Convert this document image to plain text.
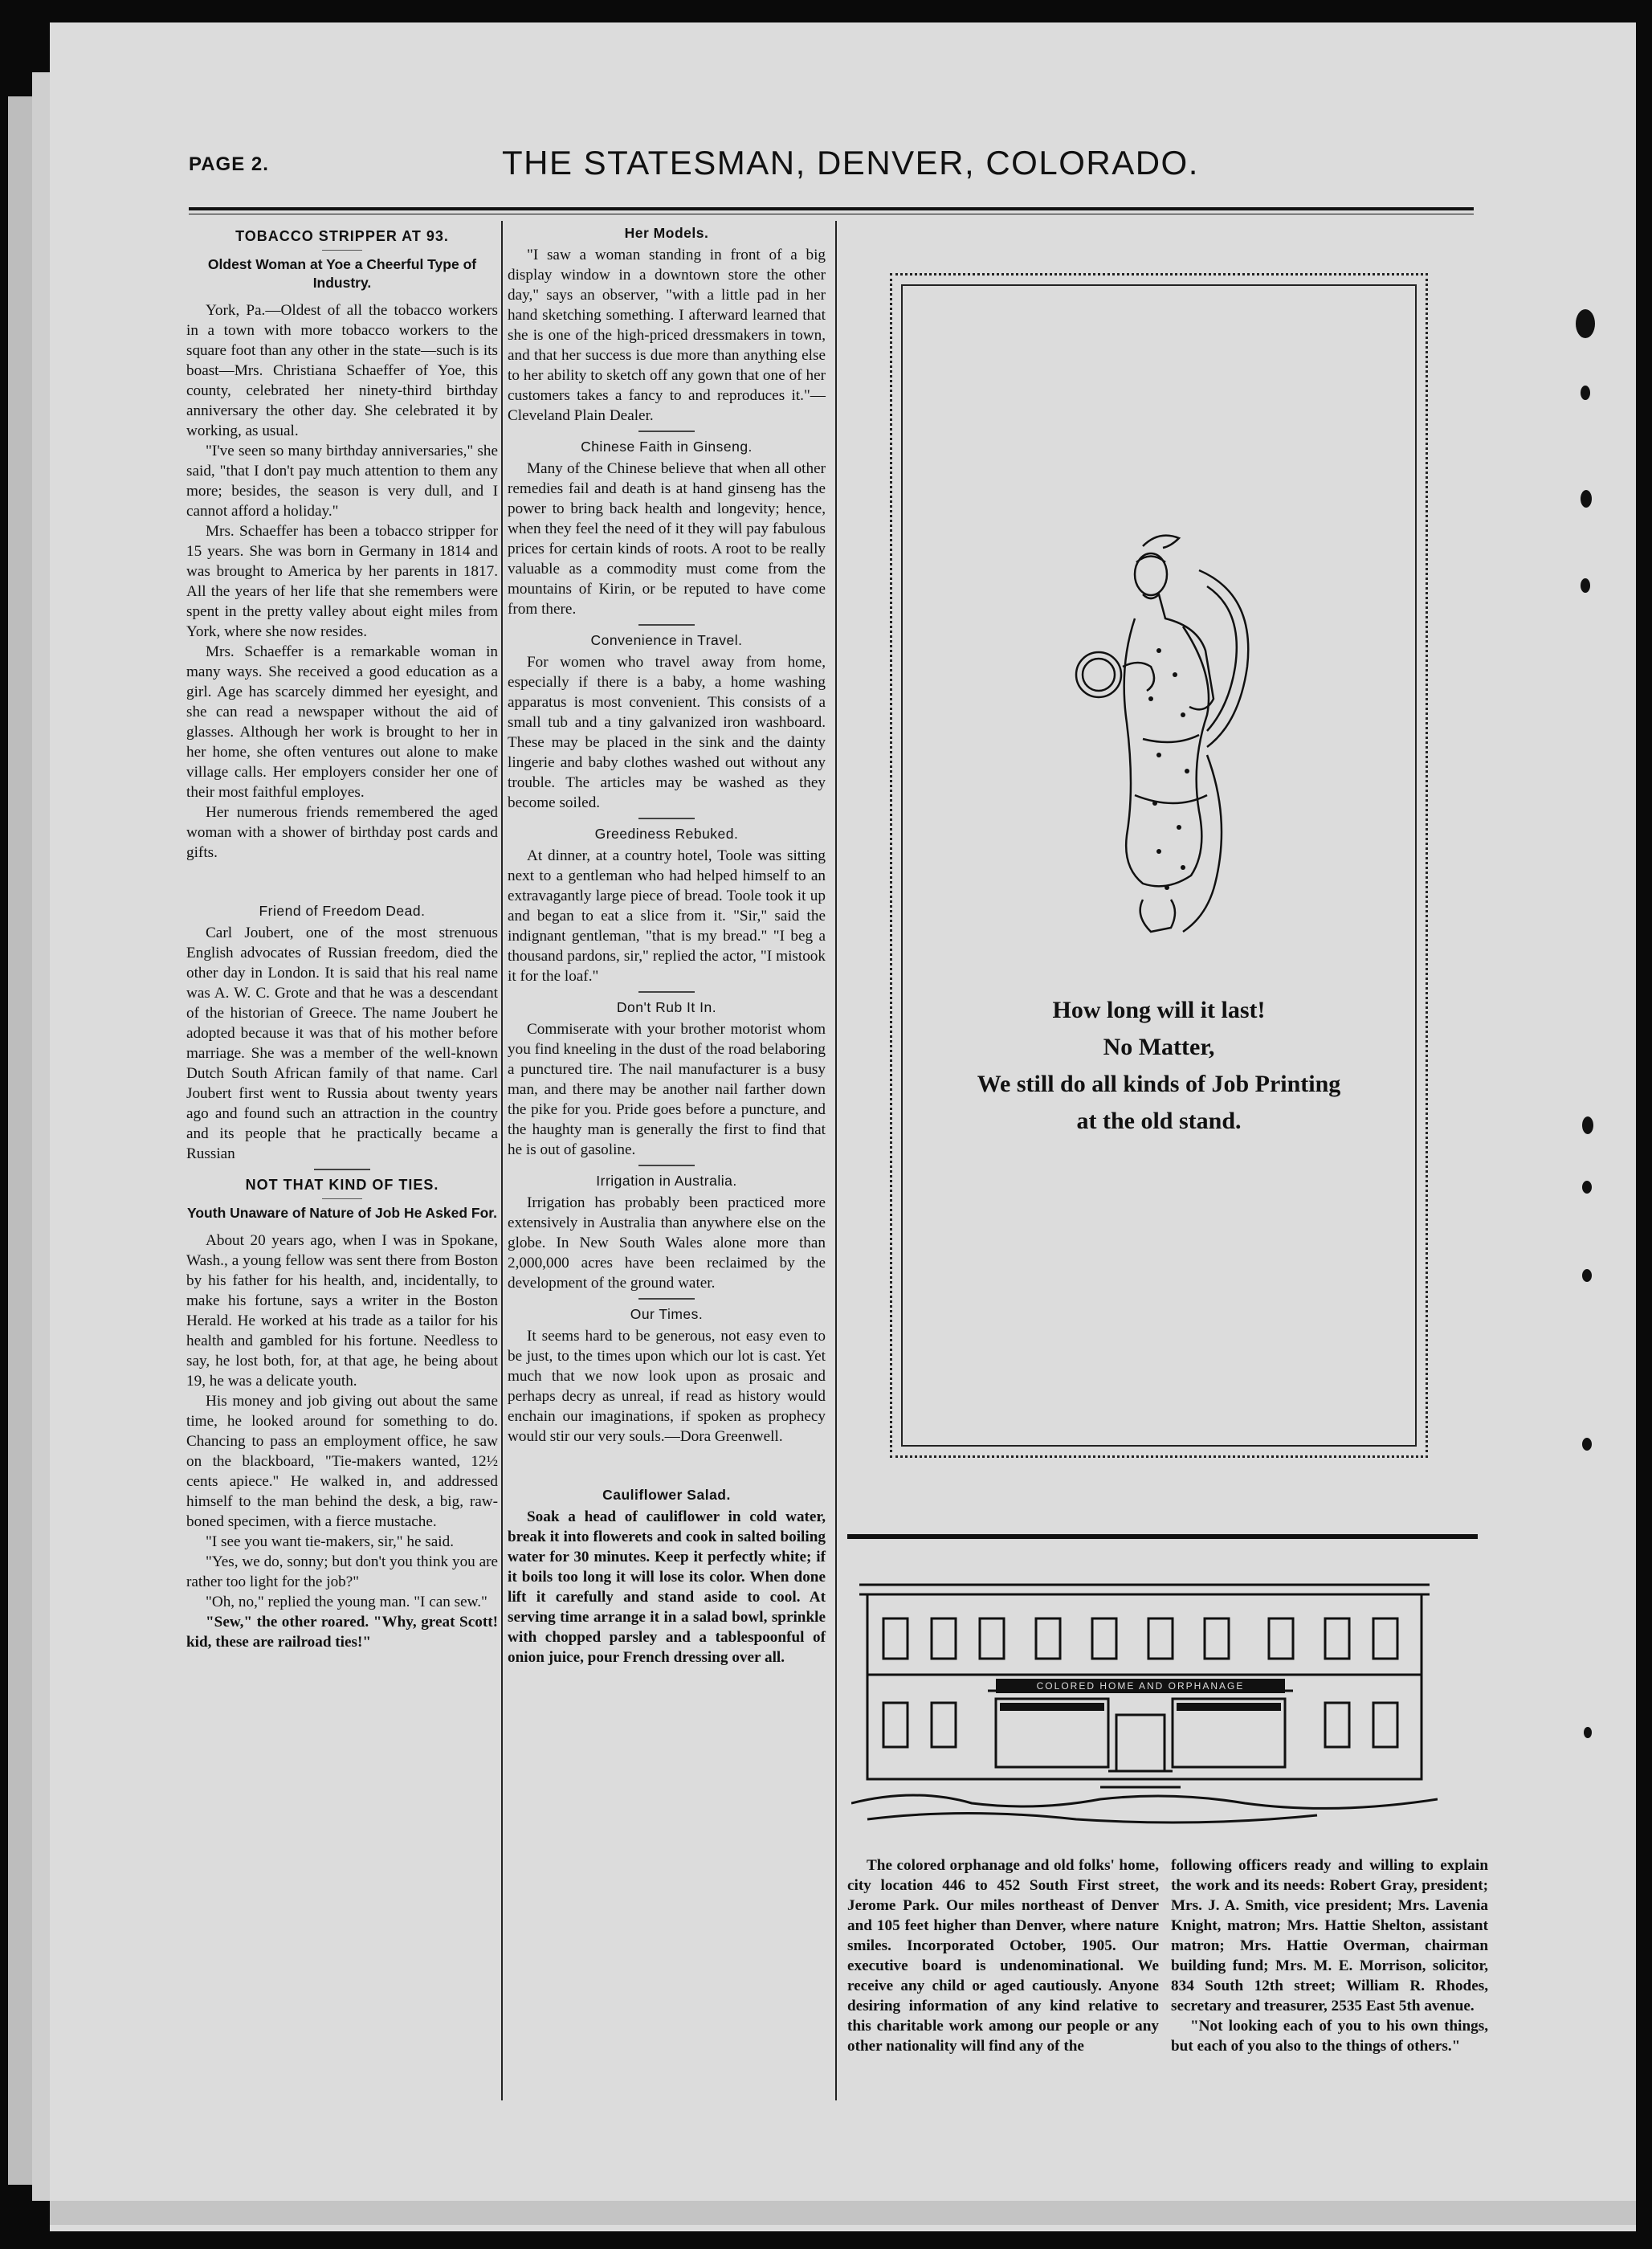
PAGE 2.	THE STATESMAN, DENVER, COLORADO.
TOBACCO STRIPPER AT 93.
Oldest Woman at Yoe a Cheerful Type of Industry.

York, Pa.—Oldest of all the tobacco workers in a town with more tobacco workers to the square foot than any other in the state—such is its boast—Mrs. Christiana Schaeffer of Yoe, this county, celebrated her ninety-third birthday anniversary the other day. She celebrated it by working, as usual.

"I've seen so many birthday anniversaries," she said, "that I don't pay much attention to them any more; besides, the season is very dull, and I cannot afford a holiday."

Mrs. Schaeffer has been a tobacco stripper for 15 years. She was born in Germany in 1814 and was brought to America by her parents in 1817. All the years of her life that she remembers were spent in the pretty valley about eight miles from York, where she now resides.

Mrs. Schaeffer is a remarkable woman in many ways. She received a good education as a girl. Age has scarcely dimmed her eyesight, and she can read a newspaper without the aid of glasses. Although her work is brought to her in her home, she often ventures out alone to make village calls. Her employers consider her one of their most faithful employes.

Her numerous friends remembered the aged woman with a shower of birthday post cards and gifts.

Friend of Freedom Dead.

Carl Joubert, one of the most strenuous English advocates of Russian freedom, died the other day in London. It is said that his real name was A. W. C. Grote and that he was a descendant of the historian of Greece. The name Joubert he adopted because it was that of his mother before marriage. She was a member of the well-known Dutch South African family of that name. Carl Joubert first went to Russia about twenty years ago and found such an attraction in the country and its people that he practically became a Russian

NOT THAT KIND OF TIES.
Youth Unaware of Nature of Job He Asked For.

About 20 years ago, when I was in Spokane, Wash., a young fellow was sent there from Boston by his father for his health, and, incidentally, to make his fortune, says a writer in the Boston Herald. He worked at his trade as a tailor for his health and gambled for his fortune. Needless to say, he lost both, for, at that age, he being about 19, he was a delicate youth.

His money and job giving out about the same time, he looked around for something to do. Chancing to pass an employment office, he saw on the blackboard, "Tie-makers wanted, 12½ cents apiece." He walked in, and addressed himself to the man behind the desk, a big, raw-boned specimen, with a fierce mustache.

"I see you want tie-makers, sir," he said.

"Yes, we do, sonny; but don't you think you are rather too light for the job?"

"Oh, no," replied the young man. "I can sew."

"Sew," the other roared. "Why, great Scott! kid, these are railroad ties!"

Her Models.

"I saw a woman standing in front of a big display window in a downtown store the other day," says an observer, "with a little pad in her hand sketching something. I afterward learned that she is one of the high-priced dressmakers in town, and that her success is due more than anything else to her ability to sketch off any gown that one of her customers takes a fancy to and reproduces it."—Cleveland Plain Dealer.

Chinese Faith in Ginseng.

Many of the Chinese believe that when all other remedies fail and death is at hand ginseng has the power to bring back health and longevity; hence, when they feel the need of it they will pay fabulous prices for certain kinds of roots. A root to be really valuable as a commodity must come from the mountains of Kirin, or be reputed to have come from there.

Convenience in Travel.

For women who travel away from home, especially if there is a baby, a home washing apparatus is most convenient. This consists of a small tub and a tiny galvanized iron washboard. These may be placed in the sink and the dainty lingerie and baby clothes washed out without any trouble. The articles may be washed as they become soiled.

Greediness Rebuked.

At dinner, at a country hotel, Toole was sitting next to a gentleman who had helped himself to an extravagantly large piece of bread. Toole took it up and began to eat a slice from it. "Sir," said the indignant gentleman, "that is my bread." "I beg a thousand pardons, sir," replied the actor, "I mistook it for the loaf."

Don't Rub It In.

Commiserate with your brother motorist whom you find kneeling in the dust of the road belaboring a punctured tire. The nail manufacturer is a busy man, and there may be another nail farther down the pike for you. Pride goes before a puncture, and the haughty man is generally the first to find that he is out of gasoline.

Irrigation in Australia.

Irrigation has probably been practiced more extensively in Australia than anywhere else on the globe. In New South Wales alone more than 2,000,000 acres have been reclaimed by the development of the ground water.

Our Times.

It seems hard to be generous, not easy even to be just, to the times upon which our lot is cast. Yet much that we now look upon as prosaic and perhaps decry as unreal, if read as history would enchain our imaginations, if spoken as prophecy would stir our very souls.—Dora Greenwell.

Cauliflower Salad.

Soak a head of cauliflower in cold water, break it into flowerets and cook in salted boiling water for 30 minutes. Keep it perfectly white; if it boils too long it will lose its color. When done lift it carefully and stand aside to cool. At serving time arrange it in a salad bowl, sprinkle with chopped parsley and a tablespoonful of onion juice, pour French dressing over all.

How long will it last!
No Matter,
We still do all kinds of Job Printing
at the old stand.
COLORED HOME AND ORPHANAGE

The colored orphanage and old folks' home, city location 446 to 452 South First street, Jerome Park. Our miles northeast of Denver and 105 feet higher than Denver, where nature smiles. Incorporated October, 1905. Our executive board is undenominational. We receive any child or aged cautiously. Anyone desiring information of any kind relative to this charitable work among our people or any other nationality will find any of the

following officers ready and willing to explain the work and its needs: Robert Gray, president; Mrs. J. A. Smith, vice president; Mrs. Lavenia Knight, matron; Mrs. Hattie Shelton, assistant matron; Mrs. Hattie Overman, chairman building fund; Mrs. M. E. Morrison, solicitor, 834 South 12th street; William R. Rhodes, secretary and treasurer, 2535 East 5th avenue.

"Not looking each of you to his own things, but each of you also to the things of others."
